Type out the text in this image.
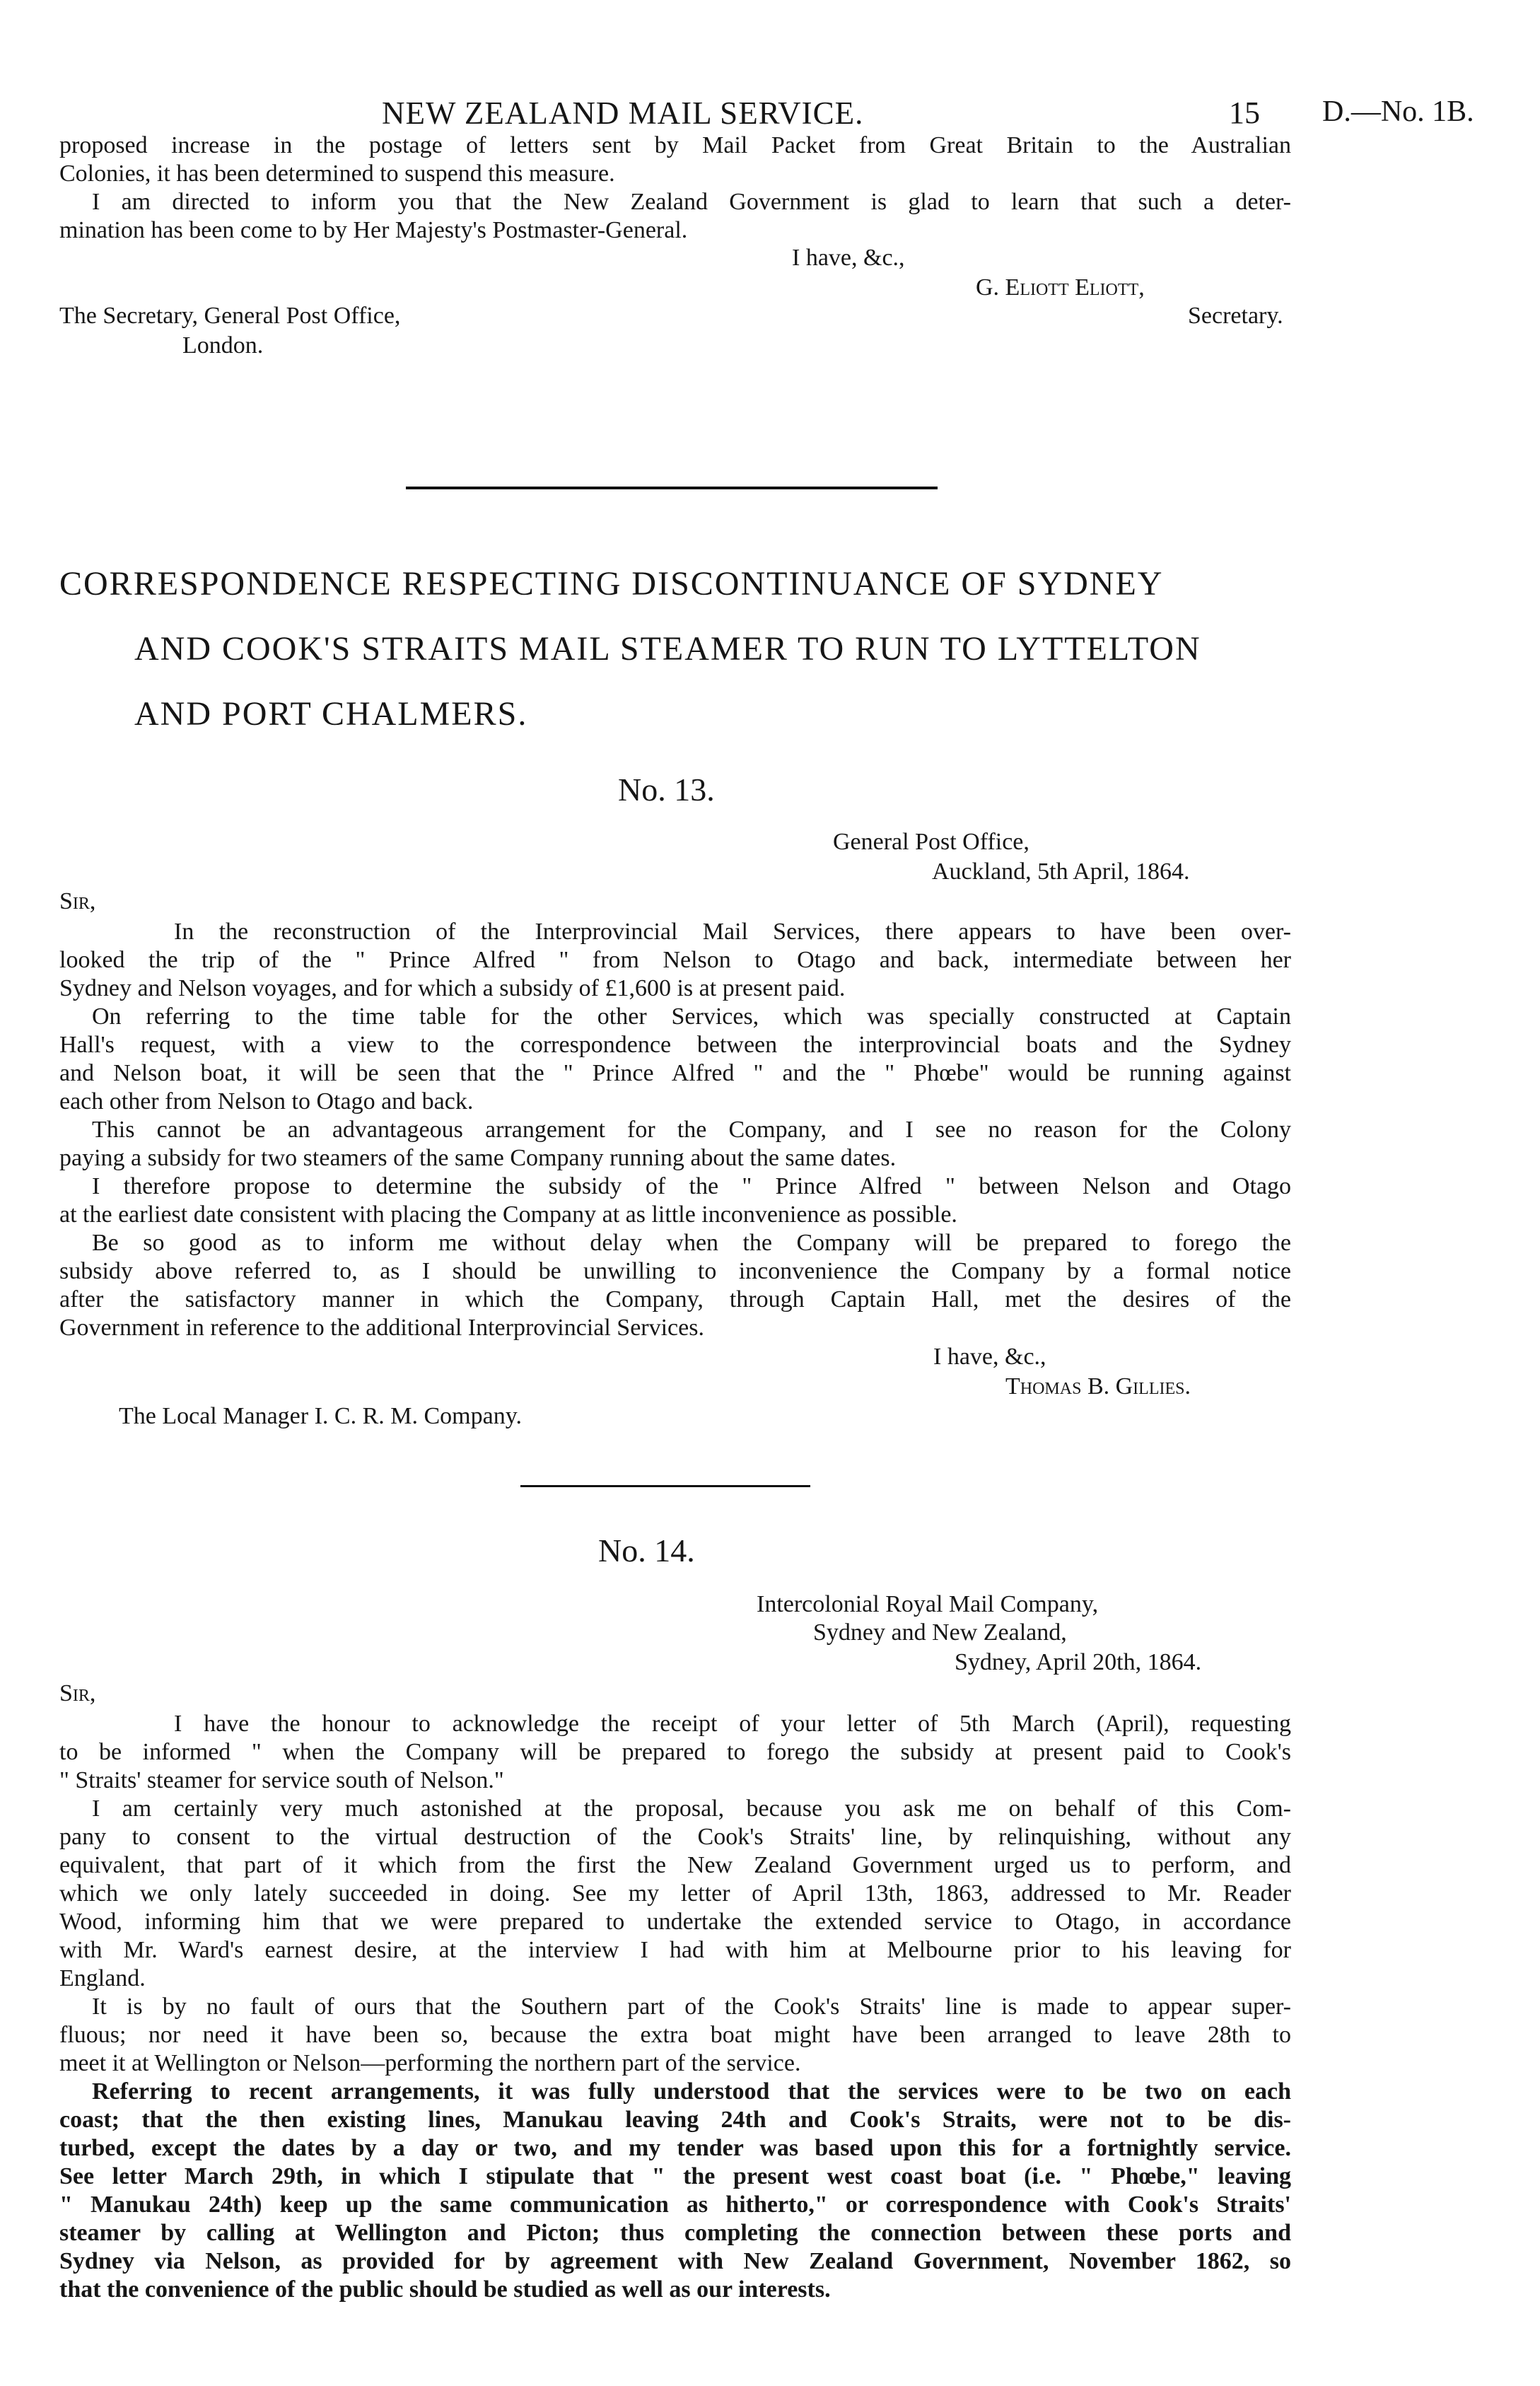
NEW ZEALAND MAIL SERVICE.	15 D.—No. 1B.
proposed increase in the postage of letters sent by Mail Packet from Great Britain to the Australian
Colonies, it has been determined to suspend this measure.
I am directed to inform you that the New Zealand Government is glad to learn that such a deter-
mination has been come to by Her Majesty's Postmaster-General.
I have, &c.,
G. Eliott Eliott,
The Secretary, General Post Office,	Secretary.
London.
CORRESPONDENCE RESPECTING DISCONTINUANCE OF SYDNEY
AND COOK'S STRAITS MAIL STEAMER TO RUN TO LYTTELTON
AND PORT CHALMERS.
No. 13.
General Post Office,
Auckland, 5th April, 1864.
Sir,
In the reconstruction of the Interprovincial Mail Services, there appears to have been over-
looked the trip of the " Prince Alfred " from Nelson to Otago and back, intermediate between her
Sydney and Nelson voyages, and for which a subsidy of £1,600 is at present paid.
On referring to the time table for the other Services, which was specially constructed at Captain
Hall's request, with a view to the correspondence between the interprovincial boats and the Sydney
and Nelson boat, it will be seen that the " Prince Alfred " and the " Phœbe" would be running against
each other from Nelson to Otago and back.
This cannot be an advantageous arrangement for the Company, and I see no reason for the Colony
paying a subsidy for two steamers of the same Company running about the same dates.
I therefore propose to determine the subsidy of the " Prince Alfred " between Nelson and Otago
at the earliest date consistent with placing the Company at as little inconvenience as possible.
Be so good as to inform me without delay when the Company will be prepared to forego the
subsidy above referred to, as I should be unwilling to inconvenience the Company by a formal notice
after the satisfactory manner in which the Company, through Captain Hall, met the desires of the
Government in reference to the additional Interprovincial Services.
I have, &c.,
Thomas B. Gillies.
The Local Manager I. C. R. M. Company.
No. 14.
Intercolonial Royal Mail Company,
Sydney and New Zealand,
Sydney, April 20th, 1864.
Sir,
I have the honour to acknowledge the receipt of your letter of 5th March (April), requesting
to be informed " when the Company will be prepared to forego the subsidy at present paid to Cook's
" Straits' steamer for service south of Nelson."
I am certainly very much astonished at the proposal, because you ask me on behalf of this Com-
pany to consent to the virtual destruction of the Cook's Straits' line, by relinquishing, without any
equivalent, that part of it which from the first the New Zealand Government urged us to perform, and
which we only lately succeeded in doing. See my letter of April 13th, 1863, addressed to Mr. Reader
Wood, informing him that we were prepared to undertake the extended service to Otago, in accordance
with Mr. Ward's earnest desire, at the interview I had with him at Melbourne prior to his leaving for
England.
It is by no fault of ours that the Southern part of the Cook's Straits' line is made to appear super-
fluous; nor need it have been so, because the extra boat might have been arranged to leave 28th to
meet it at Wellington or Nelson—performing the northern part of the service.
Referring to recent arrangements, it was fully understood that the services were to be two on each
coast; that the then existing lines, Manukau leaving 24th and Cook's Straits, were not to be dis-
turbed, except the dates by a day or two, and my tender was based upon this for a fortnightly service.
See letter March 29th, in which I stipulate that " the present west coast boat (i.e. " Phœbe," leaving
" Manukau 24th) keep up the same communication as hitherto," or correspondence with Cook's Straits'
steamer by calling at Wellington and Picton; thus completing the connection between these ports and
Sydney via Nelson, as provided for by agreement with New Zealand Government, November 1862, so
that the convenience of the public should be studied as well as our interests.
